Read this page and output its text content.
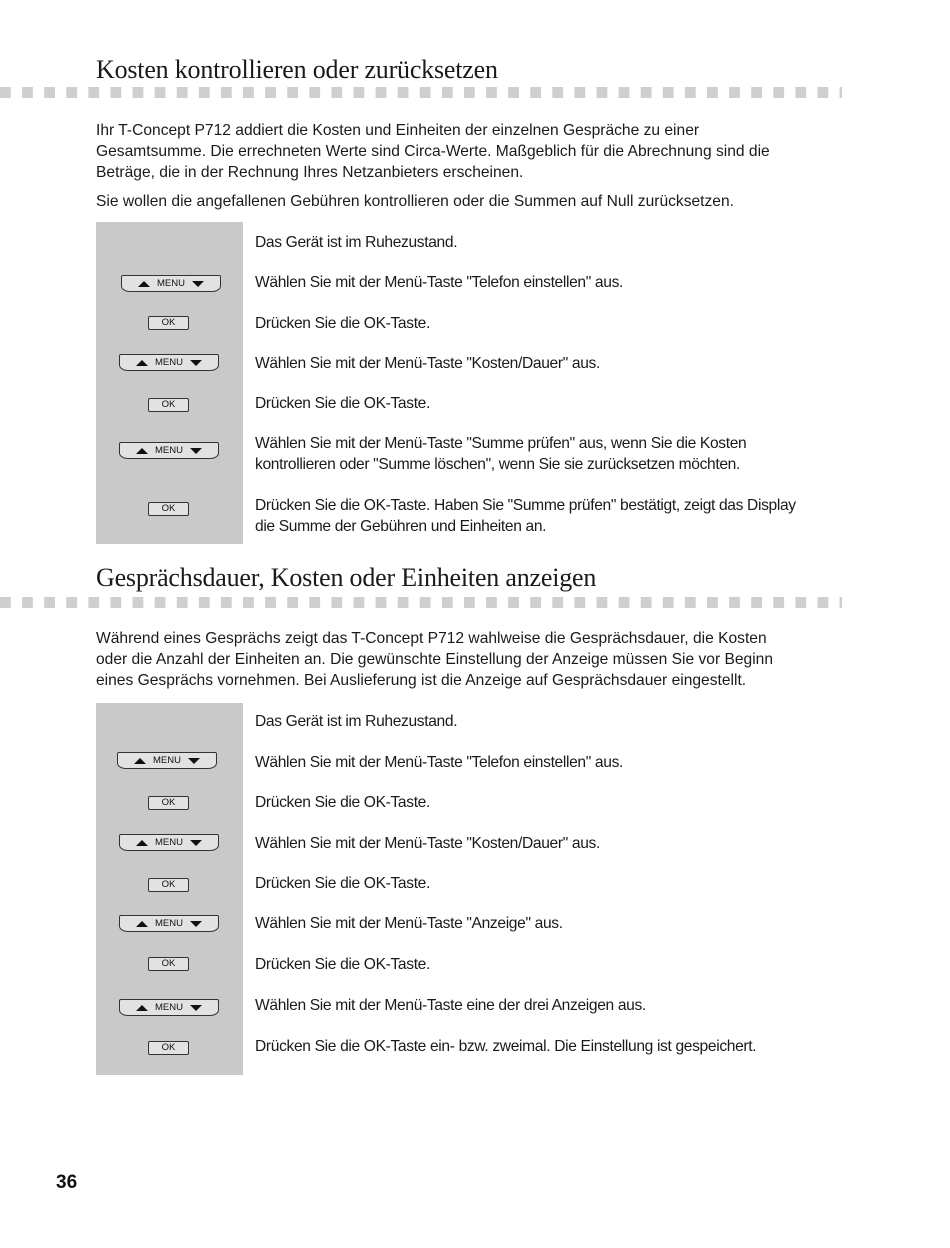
Kosten kontrollieren oder zurücksetzen

Ihr T-Concept P712 addiert die Kosten und Einheiten der einzelnen Gespräche zu einer
Gesamtsumme. Die errechneten Werte sind Circa-Werte. Maßgeblich für die Abrechnung sind die
Beträge, die in der Rechnung Ihres Netzanbieters erscheinen.

Sie wollen die angefallenen Gebühren kontrollieren oder die Summen auf Null zurücksetzen.

Das Gerät ist im Ruhezustand.

MENU	Wählen Sie mit der Menü-Taste "Telefon einstellen" aus.

OK	Drücken Sie die OK-Taste.

MENU	Wählen Sie mit der Menü-Taste "Kosten/Dauer" aus.

OK	Drücken Sie die OK-Taste.

MENU	Wählen Sie mit der Menü-Taste "Summe prüfen" aus, wenn Sie die Kosten
kontrollieren oder "Summe löschen", wenn Sie sie zurücksetzen möchten.

OK	Drücken Sie die OK-Taste. Haben Sie "Summe prüfen" bestätigt, zeigt das Display
die Summe der Gebühren und Einheiten an.

Gesprächsdauer, Kosten oder Einheiten anzeigen

Während eines Gesprächs zeigt das T-Concept P712 wahlweise die Gesprächsdauer, die Kosten
oder die Anzahl der Einheiten an. Die gewünschte Einstellung der Anzeige müssen Sie vor Beginn
eines Gesprächs vornehmen. Bei Auslieferung ist die Anzeige auf Gesprächsdauer eingestellt.

Das Gerät ist im Ruhezustand.

MENU	Wählen Sie mit der Menü-Taste "Telefon einstellen" aus.

OK	Drücken Sie die OK-Taste.

MENU	Wählen Sie mit der Menü-Taste "Kosten/Dauer" aus.

OK	Drücken Sie die OK-Taste.

MENU	Wählen Sie mit der Menü-Taste "Anzeige" aus.

OK	Drücken Sie die OK-Taste.

MENU	Wählen Sie mit der Menü-Taste eine der drei Anzeigen aus.

OK	Drücken Sie die OK-Taste ein- bzw. zweimal. Die Einstellung ist gespeichert.

36
